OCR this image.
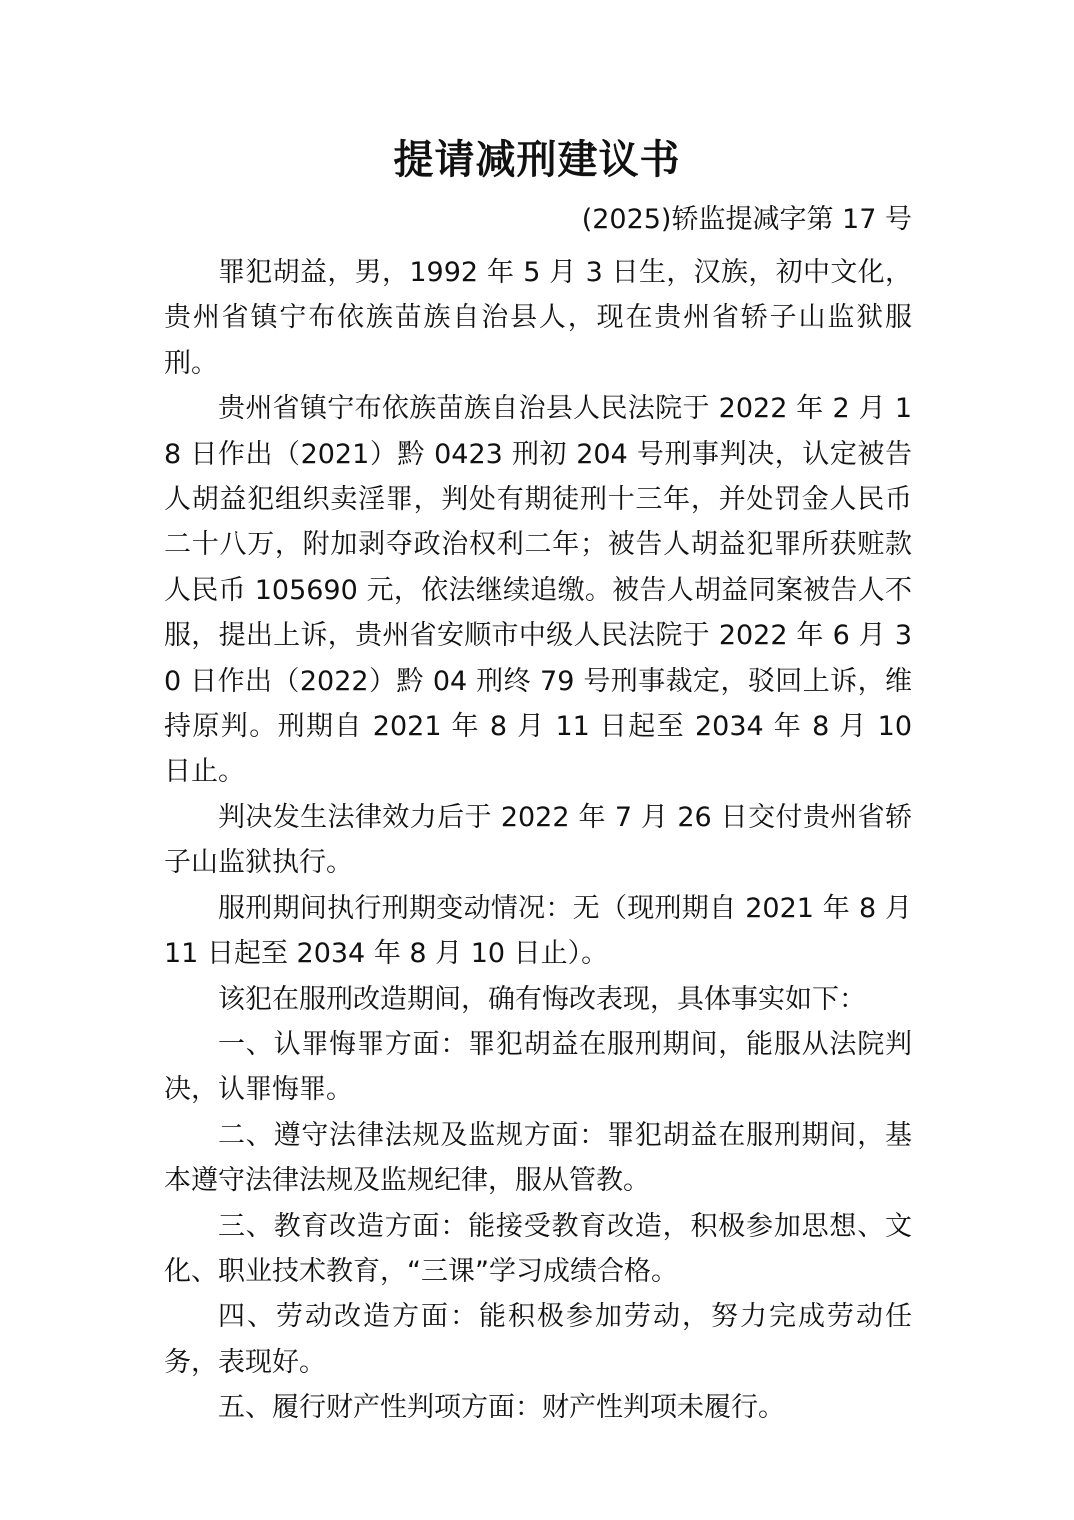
提请减刑建议书
(2025)轿监提减字第 17 号

罪犯胡益，男，1992 年 5 月 3 日生，汉族，初中文化，贵州省镇宁布依族苗族自治县人，现在贵州省轿子山监狱服刑。

贵州省镇宁布依族苗族自治县人民法院于 2022 年 2 月 18 日作出（2021）黔 0423 刑初 204 号刑事判决，认定被告人胡益犯组织卖淫罪，判处有期徒刑十三年，并处罚金人民币二十八万，附加剥夺政治权利二年；被告人胡益犯罪所获赃款人民币 105690 元，依法继续追缴。被告人胡益同案被告人不服，提出上诉，贵州省安顺市中级人民法院于 2022 年 6 月 30 日作出（2022）黔 04 刑终 79 号刑事裁定，驳回上诉，维持原判。刑期自 2021 年 8 月 11 日起至 2034 年 8 月 10 日止。

判决发生法律效力后于 2022 年 7 月 26 日交付贵州省轿子山监狱执行。

服刑期间执行刑期变动情况：无（现刑期自 2021 年 8 月 11 日起至 2034 年 8 月 10 日止）。

该犯在服刑改造期间，确有悔改表现，具体事实如下：

一、认罪悔罪方面：罪犯胡益在服刑期间，能服从法院判决，认罪悔罪。

二、遵守法律法规及监规方面：罪犯胡益在服刑期间，基本遵守法律法规及监规纪律，服从管教。

三、教育改造方面：能接受教育改造，积极参加思想、文化、职业技术教育，“三课”学习成绩合格。

四、劳动改造方面：能积极参加劳动，努力完成劳动任务，表现好。

五、履行财产性判项方面：财产性判项未履行。
